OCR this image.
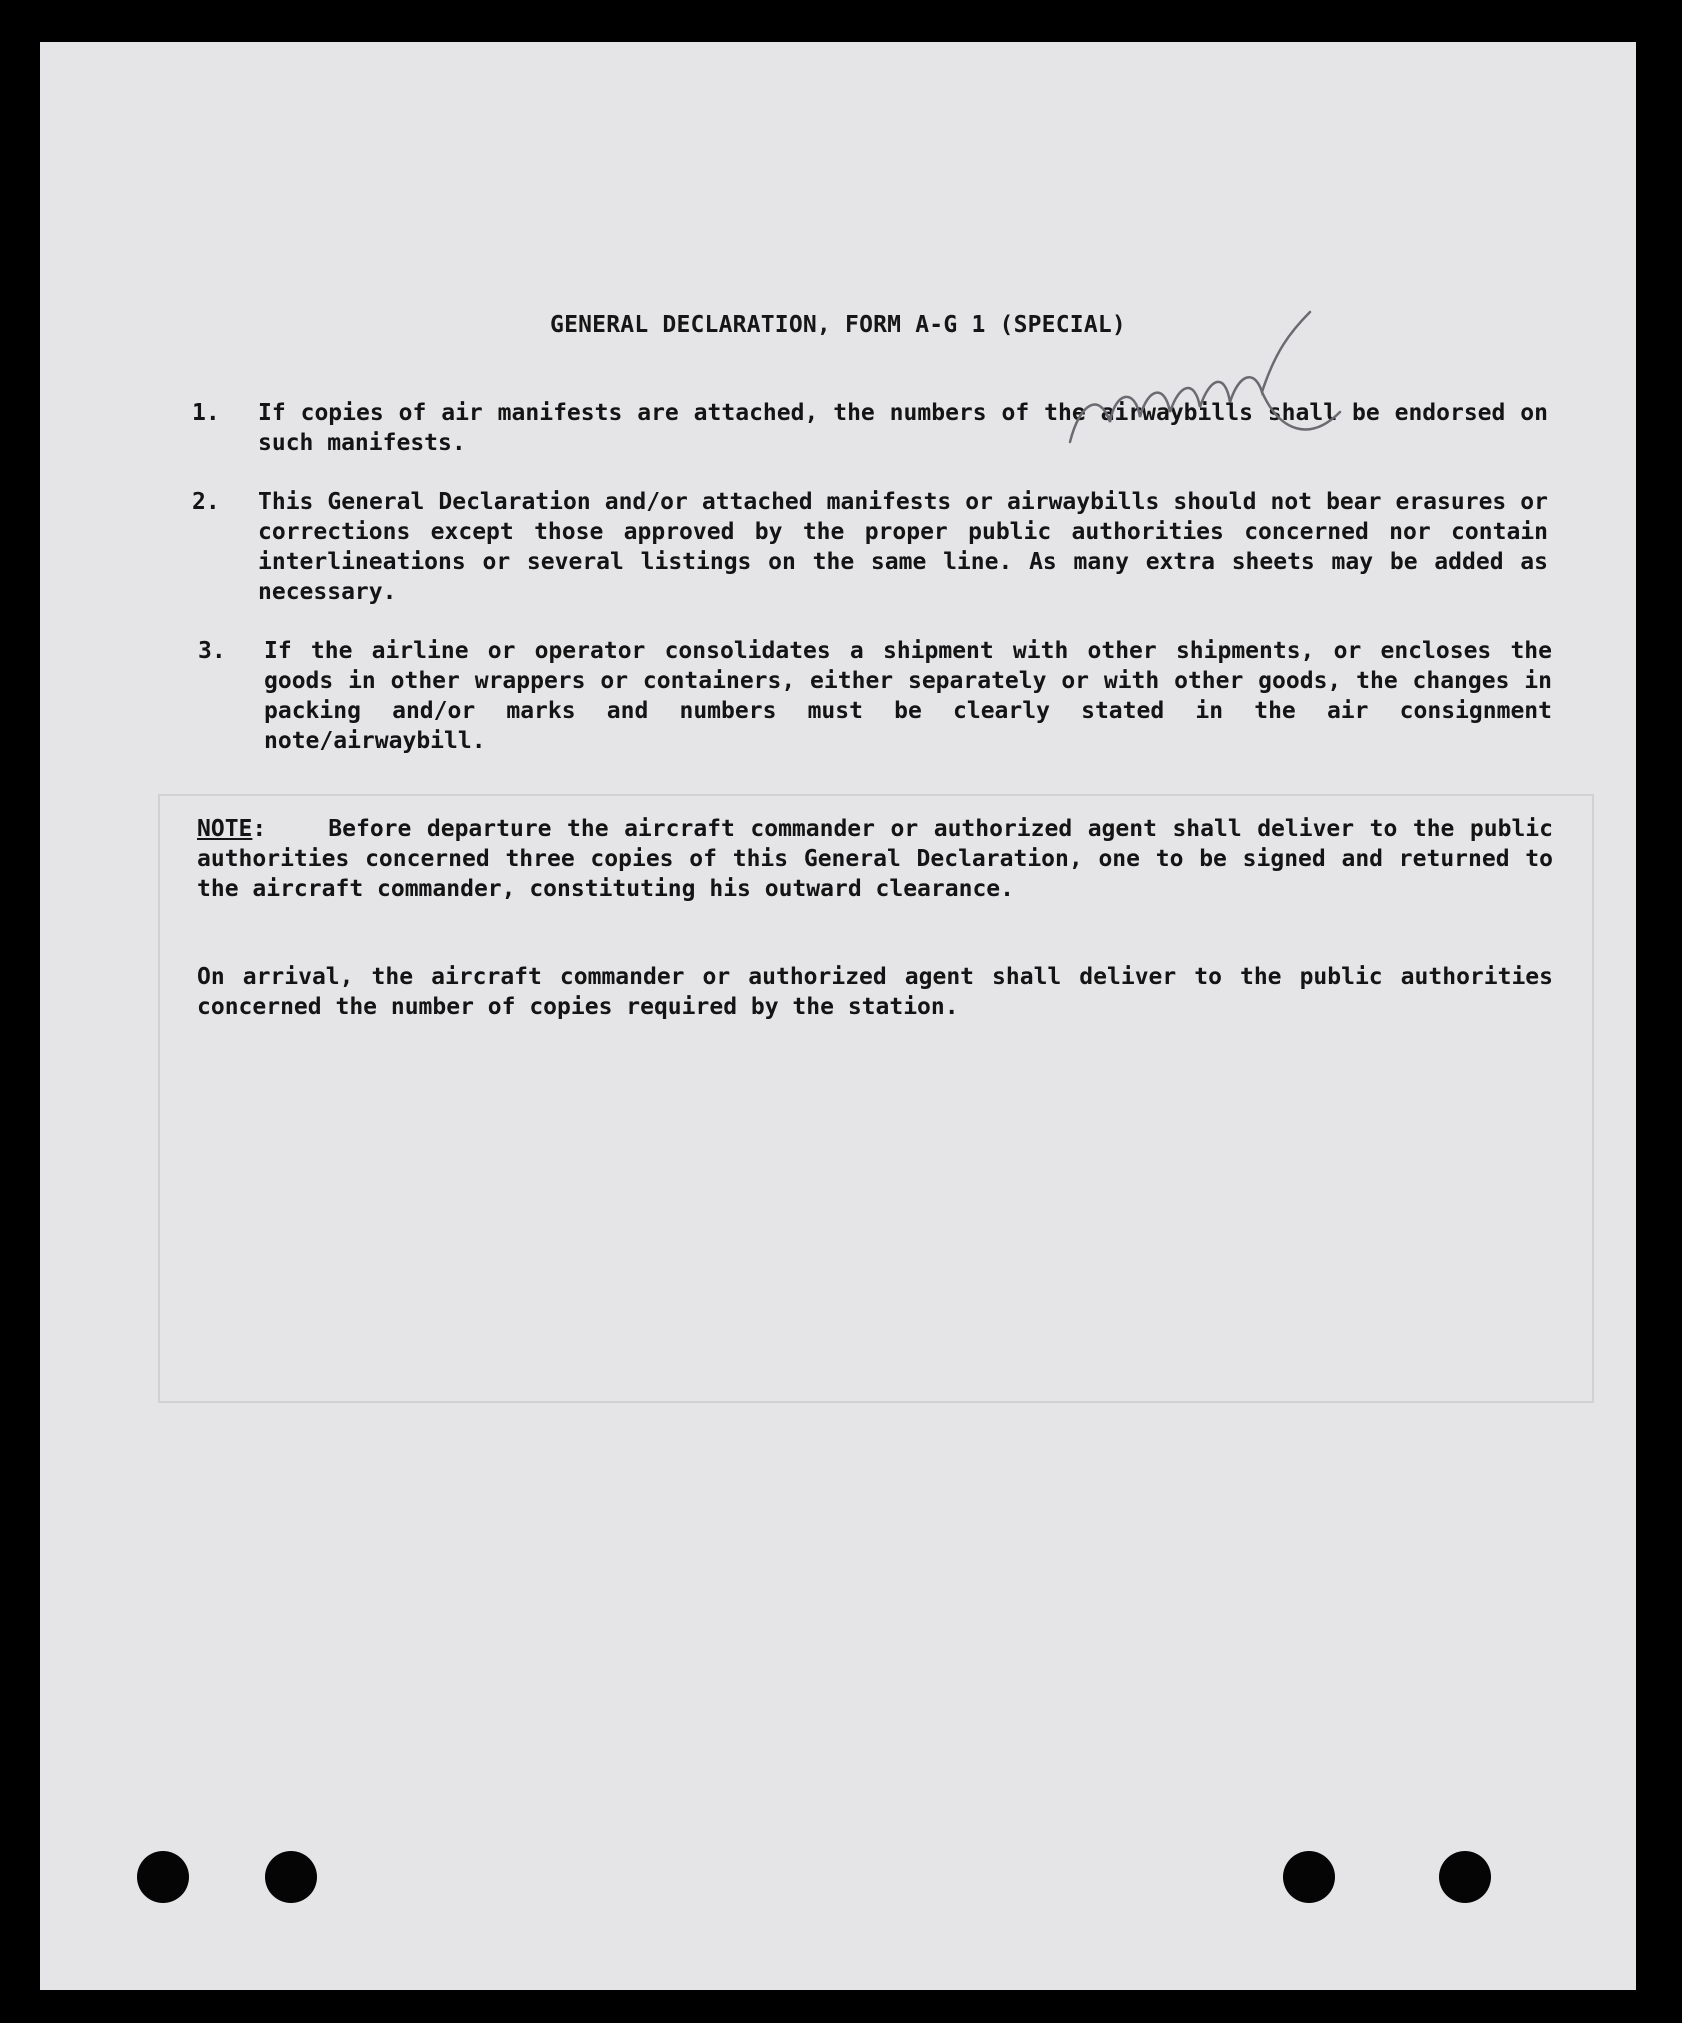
GENERAL DECLARATION, FORM A-G 1 (SPECIAL)
1. If copies of air manifests are attached, the numbers of the airwaybills shall be endorsed on such manifests.
2. This General Declaration and/or attached manifests or airwaybills should not bear erasures or corrections except those approved by the proper public authorities concerned nor contain interlineations or several listings on the same line. As many extra sheets may be added as necessary.
3. If the airline or operator consolidates a shipment with other shipments, or encloses the goods in other wrappers or containers, either separately or with other goods, the changes in packing and/or marks and numbers must be clearly stated in the air consignment note/airwaybill.
NOTE:    Before departure the aircraft commander or authorized agent shall deliver to the public authorities concerned three copies of this General Declaration, one to be signed and returned to the aircraft commander, constituting his outward clearance.
On arrival, the aircraft commander or authorized agent shall deliver to the public authorities concerned the number of copies required by the station.
